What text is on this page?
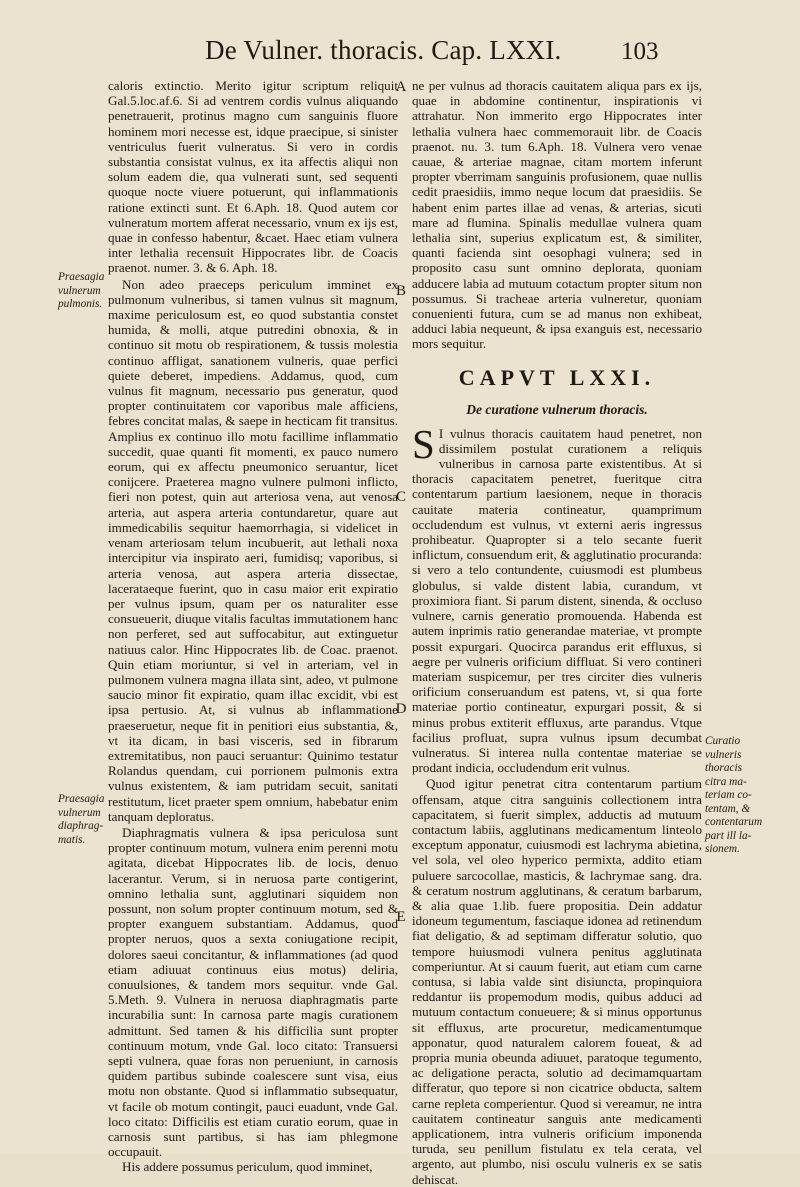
De Vulner. thoracis. Cap. LXXI. 103

caloris extinctio. Merito igitur scriptum reliquit Gal.5.loc.af.6. Si ad ventrem cordis vulnus aliquando penetrauerit, protinus magno cum sanguinis fluore hominem mori necesse est, idque praecipue, si sinister ventriculus fuerit vulneratus. Si vero in cordis substantia consistat vulnus, ex ita affectis aliqui non solum eadem die, qua vulnerati sunt, sed sequenti quoque nocte viuere potuerunt, qui inflammationis ratione extincti sunt. Et 6.Aph. 18. Quod autem cor vulneratum mortem afferat necessario, vnum ex ijs est, quae in confesso habentur, &caet. Haec etiam vulnera inter lethalia recensuit Hippocrates libr. de Coacis praenot. numer. 3. & 6. Aph. 18.

Non adeo praeceps periculum imminet ex pulmonum vulneribus, si tamen vulnus sit magnum, maxime periculosum est, eo quod substantia constet humida, & molli, atque putredini obnoxia, & in continuo sit motu ob respirationem, & tussis molestia continuo affligat, sanationem vulneris, quae perfici quiete deberet, impediens. Addamus, quod, cum vulnus fit magnum, necessario pus generatur, quod propter continuitatem cor vaporibus male afficiens, febres concitat malas, & saepe in hecticam fit transitus. Amplius ex continuo illo motu facillime inflammatio succedit, quae quanti fit momenti, ex pauco numero eorum, qui ex affectu pneumonico seruantur, licet conijcere. Praeterea magno vulnere pulmoni inflicto, fieri non potest, quin aut arteriosa vena, aut venosa arteria, aut aspera arteria contundaretur, quare aut immedicabilis sequitur haemorrhagia, si videlicet in venam arteriosam telum incubuerit, aut lethali noxa intercipitur via inspirato aeri, fumidisq; vaporibus, si arteria venosa, aut aspera arteria dissectae, lacerataeque fuerint, quo in casu maior erit expiratio per vulnus ipsum, quam per os naturaliter esse consueuerit, diuque vitalis facultas immutationem hanc non perferet, sed aut suffocabitur, aut extinguetur natiuus calor. Hinc Hippocrates lib. de Coac. praenot. Quin etiam moriuntur, si vel in arteriam, vel in pulmonem vulnera magna illata sint, adeo, vt pulmone saucio minor fit expiratio, quam illac excidit, vbi est ipsa pertusio. At, si vulnus ab inflammatione praeseruetur, neque fit in penitiori eius substantia, &, vt ita dicam, in basi visceris, sed in fibrarum extremitatibus, non pauci seruantur: Quinimo testatur Rolandus quendam, cui porrionem pulmonis extra vulnus existentem, & iam putridam secuit, sanitati restitutum, licet praeter spem omnium, habebatur enim tanquam deploratus.

Diaphragmatis vulnera & ipsa periculosa sunt propter continuum motum, vulnera enim perenni motu agitata, dicebat Hippocrates lib. de locis, denuo lacerantur. Verum, si in neruosa parte contigerint, omnino lethalia sunt, agglutinari siquidem non possunt, non solum propter continuum motum, sed & propter exanguem substantiam. Addamus, quod propter neruos, quos a sexta coniugatione recipit, dolores saeui concitantur, & inflammationes (ad quod etiam adiuuat continuus eius motus) deliria, conuulsiones, & tandem mors sequitur. vnde Gal. 5.Meth. 9. Vulnera in neruosa diaphragmatis parte incurabilia sunt: In carnosa parte magis curationem admittunt. Sed tamen & his difficilia sunt propter continuum motum, vnde Gal. loco citato: Transuersi septi vulnera, quae foras non perueniunt, in carnosis quidem partibus subinde coalescere sunt visa, eius motu non obstante. Quod si inflammatio subsequatur, vt facile ob motum contingit, pauci euadunt, vnde Gal. loco citato: Difficilis est etiam curatio eorum, quae in carnosis sunt partibus, si has iam phlegmone occupauit.

His addere possumus periculum, quod imminet,

A
B
C
D
E

ne per vulnus ad thoracis cauitatem aliqua pars ex ijs, quae in abdomine continentur, inspirationis vi attrahatur. Non immerito ergo Hippocrates inter lethalia vulnera haec commemorauit libr. de Coacis praenot. nu. 3. tum 6.Aph. 18. Vulnera vero venae cauae, & arteriae magnae, citam mortem inferunt propter vberrimam sanguinis profusionem, quae nullis cedit praesidiis, immo neque locum dat praesidiis. Se habent enim partes illae ad venas, & arterias, sicuti mare ad flumina. Spinalis medullae vulnera quam lethalia sint, superius explicatum est, & similiter, quanti facienda sint oesophagi vulnera; sed in proposito casu sunt omnino deplorata, quoniam adducere labia ad mutuum cotactum propter situm non possumus. Si tracheae arteria vulneretur, quoniam conuenienti futura, cum se ad manus non exhibeat, adduci labia nequeunt, & ipsa exanguis est, necessario mors sequitur.

CAPVT LXXI.
De curatione vulnerum thoracis.

S I vulnus thoracis cauitatem haud penetret, non dissimilem postulat curationem a reliquis vulneribus in carnosa parte existentibus. At si thoracis capacitatem penetret, fueritque citra contentarum partium laesionem, neque in thoracis cauitate materia contineatur, quamprimum occludendum est vulnus, vt externi aeris ingressus prohibeatur. Quapropter si a telo secante fuerit inflictum, consuendum erit, & agglutinatio procuranda: si vero a telo contundente, cuiusmodi est plumbeus globulus, si valde distent labia, curandum, vt proximiora fiant. Si parum distent, sinenda, & occluso vulnere, carnis generatio promouenda. Habenda est autem inprimis ratio generandae materiae, vt prompte possit expurgari. Quocirca parandus erit effluxus, si aegre per vulneris orificium diffluat. Si vero contineri materiam suspicemur, per tres circiter dies vulneris orificium conseruandum est patens, vt, si qua forte materiae portio contineatur, expurgari possit, & si minus probus extiterit effluxus, arte parandus. Vtque facilius profluat, supra vulnus ipsum decumbat vulneratus. Si interea nulla contentae materiae se prodant indicia, occludendum erit vulnus.

Quod igitur penetrat citra contentarum partium offensam, atque citra sanguinis collectionem intra capacitatem, si fuerit simplex, adductis ad mutuum contactum labiis, agglutinans medicamentum linteolo exceptum apponatur, cuiusmodi est lachryma abietina, vel sola, vel oleo hyperico permixta, addito etiam puluere sarcocollae, masticis, & lachrymae sang. dra. & ceratum nostrum agglutinans, & ceratum barbarum, & alia quae 1.lib. fuere propositia. Dein addatur idoneum tegumentum, fasciaque idonea ad retinendum fiat deligatio, & ad septimam differatur solutio, quo tempore huiusmodi vulnera penitus agglutinata comperiuntur. At si cauum fuerit, aut etiam cum carne contusa, si labia valde sint disiuncta, propinquiora reddantur iis propemodum modis, quibus adduci ad mutuum contactum conueuere; & si minus opportunus sit effluxus, arte procuretur, medicamentumque apponatur, quod naturalem calorem foueat, & ad propria munia obeunda adiuuet, paratoque tegumento, ac deligatione peracta, solutio ad decimamquartam differatur, quo tepore si non cicatrice obducta, saltem carne repleta comperientur. Quod si vereamur, ne intra cauitatem contineatur sanguis ante medicamenti applicationem, intra vulneris orificium imponenda turuda, seu penillum fistulatu ex tela cerata, vel argento, aut plumbo, nisi osculu vulneris ex se satis dehiscat.

Praesagia
vulnerum
pulmonis.
Praesagia
vulnerum
diaphrag-
matis.
Curatio
vulneris
thoracis
citra ma-
teriam co-
tentam, &
contentarum
part ill la-
sionem.
